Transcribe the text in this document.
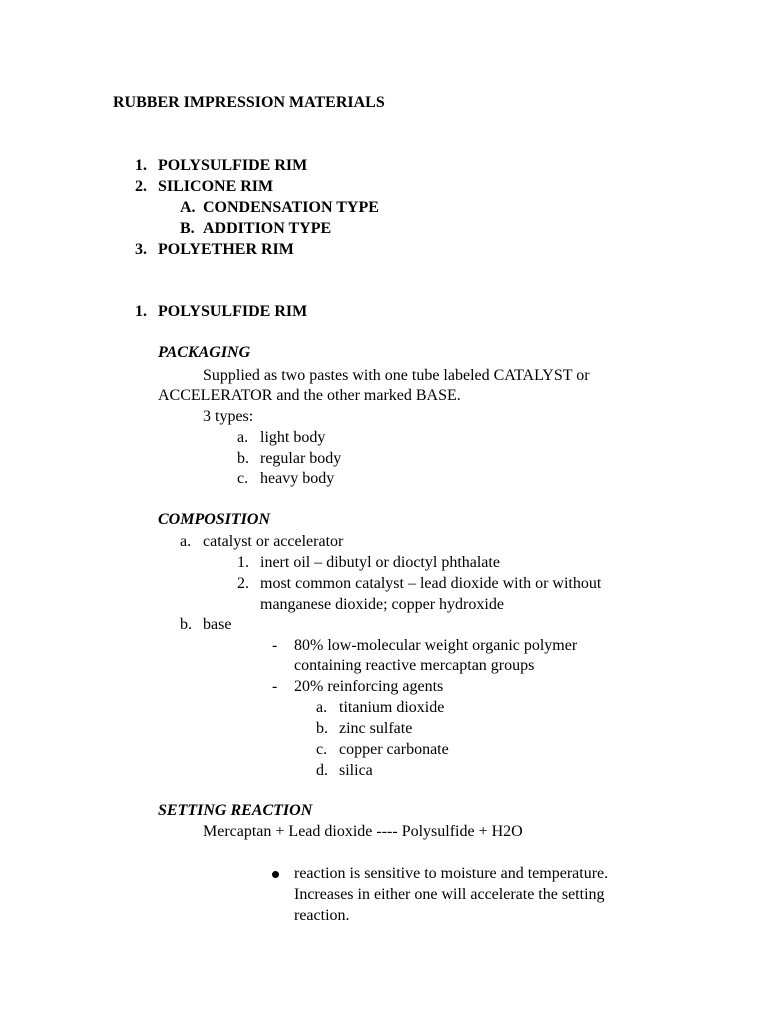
RUBBER IMPRESSION MATERIALS
1. POLYSULFIDE RIM
2. SILICONE RIM
A. CONDENSATION TYPE
B. ADDITION TYPE
3. POLYETHER RIM
1. POLYSULFIDE RIM
PACKAGING
Supplied as two pastes with one tube labeled CATALYST or
ACCELERATOR and the other marked BASE.
3 types:
a. light body
b. regular body
c. heavy body
COMPOSITION
a. catalyst or accelerator
1. inert oil – dibutyl or dioctyl phthalate
2. most common catalyst – lead dioxide with or without
manganese dioxide; copper hydroxide
b. base
- 80% low-molecular weight organic polymer
containing reactive mercaptan groups
- 20% reinforcing agents
a. titanium dioxide
b. zinc sulfate
c. copper carbonate
d. silica
SETTING REACTION
Mercaptan + Lead dioxide ---- Polysulfide + H2O
reaction is sensitive to moisture and temperature.
Increases in either one will accelerate the setting
reaction.
